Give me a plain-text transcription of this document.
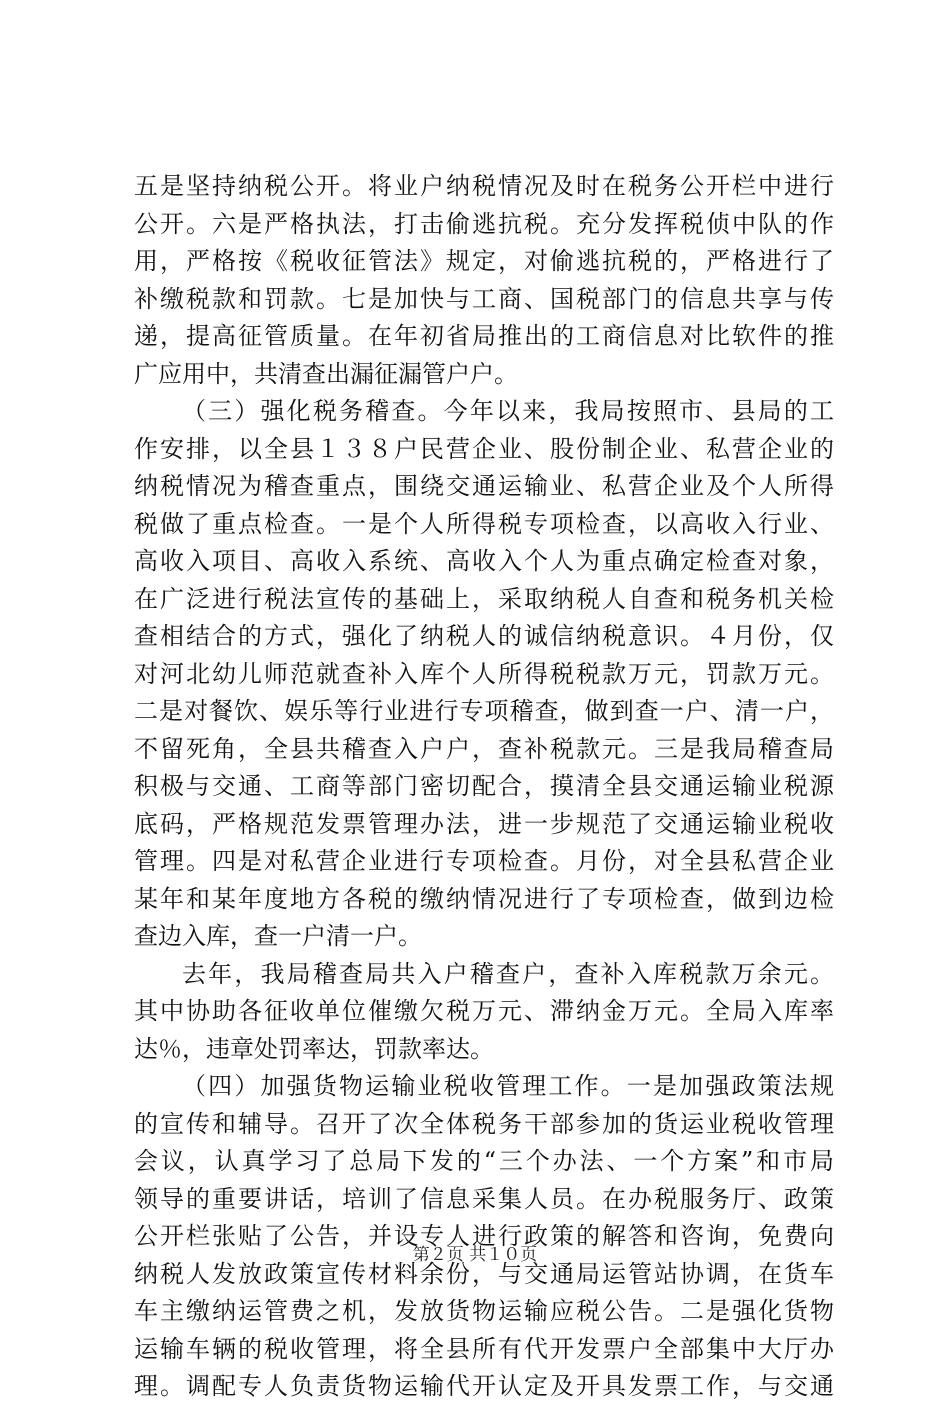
五是坚持纳税公开。将业户纳税情况及时在税务公开栏中进行
公开。六是严格执法，打击偷逃抗税。充分发挥税侦中队的作
用，严格按《税收征管法》规定，对偷逃抗税的，严格进行了
补缴税款和罚款。七是加快与工商、国税部门的信息共享与传
递，提高征管质量。在年初省局推出的工商信息对比软件的推
广应用中，共清查出漏征漏管户户。
（三）强化税务稽查。今年以来，我局按照市、县局的工
作安排，以全县１３８户民营企业、股份制企业、私营企业的
纳税情况为稽查重点，围绕交通运输业、私营企业及个人所得
税做了重点检查。一是个人所得税专项检查，以高收入行业、
高收入项目、高收入系统、高收入个人为重点确定检查对象，
在广泛进行税法宣传的基础上，采取纳税人自查和税务机关检
查相结合的方式，强化了纳税人的诚信纳税意识。４月份，仅
对河北幼儿师范就查补入库个人所得税税款万元，罚款万元。
二是对餐饮、娱乐等行业进行专项稽查，做到查一户、清一户，
不留死角，全县共稽查入户户，查补税款元。三是我局稽查局
积极与交通、工商等部门密切配合，摸清全县交通运输业税源
底码，严格规范发票管理办法，进一步规范了交通运输业税收
管理。四是对私营企业进行专项检查。月份，对全县私营企业
某年和某年度地方各税的缴纳情况进行了专项检查，做到边检
查边入库，查一户清一户。
去年，我局稽查局共入户稽查户，查补入库税款万余元。
其中协助各征收单位催缴欠税万元、滞纳金万元。全局入库率
达％，违章处罚率达，罚款率达。
（四）加强货物运输业税收管理工作。一是加强政策法规
的宣传和辅导。召开了次全体税务干部参加的货运业税收管理
会议，认真学习了总局下发的“三个办法、一个方案”和市局
领导的重要讲话，培训了信息采集人员。在办税服务厅、政策
公开栏张贴了公告，并设专人进行政策的解答和咨询，免费向
纳税人发放政策宣传材料余份，与交通局运管站协调，在货车
车主缴纳运管费之机，发放货物运输应税公告。二是强化货物
运输车辆的税收管理，将全县所有代开发票户全部集中大厅办
理。调配专人负责货物运输代开认定及开具发票工作，与交通
第２页 共１０页
